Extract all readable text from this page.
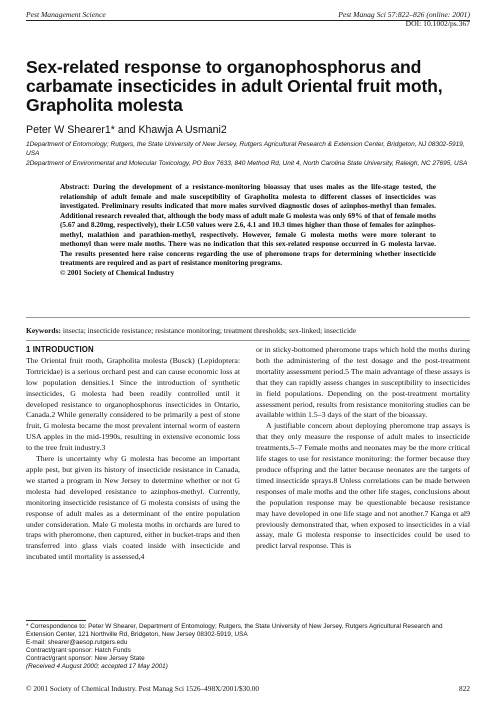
Pest Management Science	Pest Manag Sci 57:822–826 (online: 2001)
DOI: 10.1002/ps.367
Sex-related response to organophosphorus and carbamate insecticides in adult Oriental fruit moth, Grapholita molesta
Peter W Shearer1* and Khawja A Usmani2

1Department of Entomology; Rutgers, the State University of New Jersey, Rutgers Agricultural Research & Extension Center, Bridgeton, NJ 08302-5919, USA

2Department of Environmental and Molecular Toxicology, PO Box 7633, 840 Method Rd, Unit 4, North Carolina State University, Raleigh, NC 27695, USA

Abstract: During the development of a resistance-monitoring bioassay that uses males as the life-stage tested, the relationship of adult female and male susceptibility of Grapholita molesta to different classes of insecticides was investigated. Preliminary results indicated that more males survived diagnostic doses of azinphos-methyl than females. Additional research revealed that, although the body mass of adult male G molesta was only 69% of that of female moths (5.67 and 8.20mg, respectively), their LC50 values were 2.6, 4.1 and 10.3 times higher than those of females for azinphos-methyl, malathion and parathion-methyl, respectively. However, female G molesta moths were more tolerant to methomyl than were male moths. There was no indication that this sex-related response occurred in G molesta larvae. The results presented here raise concerns regarding the use of pheromone traps for determining whether insecticide treatments are required and as part of resistance monitoring programs.

© 2001 Society of Chemical Industry

Keywords: insecta; insecticide resistance; resistance monitoring; treatment thresholds; sex-linked; insecticide
1 INTRODUCTION

The Oriental fruit moth, Grapholita molesta (Busck) (Lepidoptera: Tortricidae) is a serious orchard pest and can cause economic loss at low population densities.1 Since the introduction of synthetic insecticides, G molesta had been readily controlled until it developed resistance to organophosphorus insecticides in Ontario, Canada.2 While generally considered to be primarily a pest of stone fruit, G molesta became the most prevalent internal worm of eastern USA apples in the mid-1990s, resulting in extensive economic loss to the tree fruit industry.3

There is uncertainty why G molesta has become an important apple pest, but given its history of insecticide resistance in Canada, we started a program in New Jersey to determine whether or not G molesta had developed resistance to azinphos-methyl. Currently, monitoring insecticide resistance of G molesta consists of using the response of adult males as a determinant of the entire population under consideration. Male G molesta moths in orchards are lured to traps with pheromone, then captured, either in bucket-traps and then transferred into glass vials coated inside with insecticide and incubated until mortality is assessed,4

or in sticky-bottomed pheromone traps which hold the moths during both the administering of the test dosage and the post-treatment mortality assessment period.5 The main advantage of these assays is that they can rapidly assess changes in susceptibility to insecticides in field populations. Depending on the post-treatment mortality assessment period, results from resistance monitoring studies can be available within 1.5–3 days of the start of the bioassay.

A justifiable concern about deploying pheromone trap assays is that they only measure the response of adult males to insecticide treatments.5–7 Female moths and neonates may be the more critical life stages to use for resistance monitoring: the former because they produce offspring and the latter because neonates are the targets of timed insecticide sprays.8 Unless correlations can be made between responses of male moths and the other life stages, conclusions about the population response may be questionable because resistance may have developed in one life stage and not another.7 Kanga et al9 previously demonstrated that, when exposed to insecticides in a vial assay, male G molesta response to insecticides could be used to predict larval response. This is

* Correspondence to: Peter W Shearer, Department of Entomology; Rutgers, the State University of New Jersey, Rutgers Agricultural Research and Extension Center, 121 Northville Rd, Bridgeton, New Jersey 08302-5919, USA

E-mail: shearer@aesop.rutgers.edu

Contract/grant sponsor: Hatch Funds

Contract/grant sponsor: New Jersey State

(Received 4 August 2000; accepted 17 May 2001)

© 2001 Society of Chemical Industry. Pest Manag Sci 1526–498X/2001/$30.00	822
